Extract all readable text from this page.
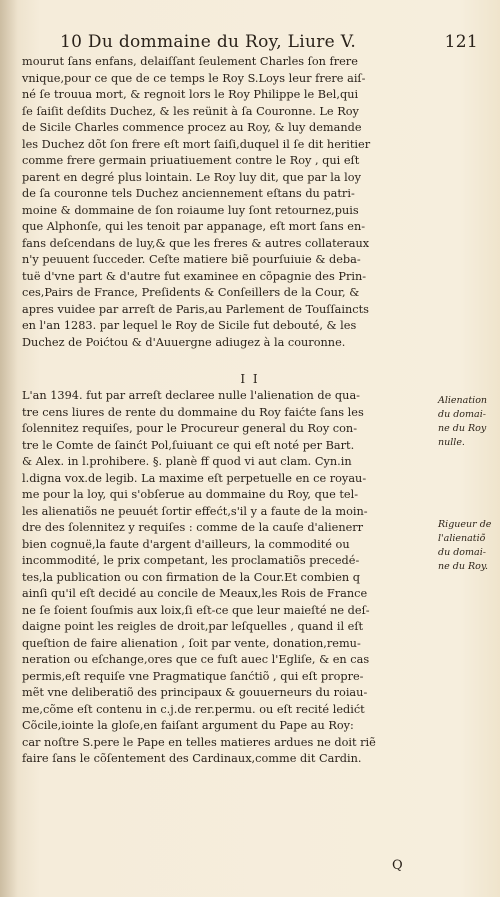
10 Du dommaine du Roy, Liure V.	121
mourut ſans enfans, delaiſſant ſeulement Charles ſon frere
vnique,pour ce que de ce temps le Roy S.Loys leur frere aiſ-
né ſe trouua mort, & regnoit lors le Roy Philippe le Bel,qui
ſe ſaiſit deſdits Duchez, & les reünit à ſa Couronne. Le Roy
de Sicile Charles commence procez au Roy, & luy demande
les Duchez dõt ſon frere eſt mort ſaiſi,duquel il ſe dit heritier
comme frere germain priuatiuement contre le Roy , qui eſt
parent en degré plus lointain. Le Roy luy dit, que par la loy
de ſa couronne tels Duchez anciennement eſtans du patri-
moine & dommaine de ſon roiaume luy ſont retournez,puis
que Alphonſe, qui les tenoit par appanage, eſt mort ſans en-
fans deſcendans de luy,& que les freres & autres collateraux
n'y peuuent ſucceder. Ceſte matiere biẽ pourſuiuie & deba-
tuë d'vne part & d'autre fut examinee en cõpagnie des Prin-
ces,Pairs de France, Preſidents & Conſeillers de la Cour, &
apres vuidee par arreſt de Paris,au Parlement de Touſſaincts
en l'an 1283. par lequel le Roy de Sicile fut debouté, & les
Duchez de Poićtou & d'Auuergne adiugez à la couronne.
I I
L'an 1394. fut par arreſt declaree nulle l'alienation de qua-
tre cens liures de rente du dommaine du Roy faićte ſans les
ſolennitez requiſes, pour le Procureur general du Roy con-
tre le Comte de ſainćt Pol,ſuiuant ce qui eſt noté per Bart.
& Alex. in l.prohibere. §. planè ff quod vi aut clam. Cyn.in
l.digna vox.de legib. La maxime eſt perpetuelle en ce royau-
me pour la loy, qui s'obſerue au dommaine du Roy, que tel-
les alienatiõs ne peuuét ſortir effećt,s'il y a faute de la moin-
dre des ſolennitez y requiſes : comme de la cauſe d'alienerr
bien cognuë,la faute d'argent d'ailleurs, la commodité ou
incommodité, le prix competant, les proclamatiõs precedé-
tes,la publication ou con firmation de la Cour.Et combien q
ainſi qu'il eſt decidé au concile de Meaux,les Rois de France
ne ſe ſoient ſouſmis aux loix,ſi eſt-ce que leur maieſté ne deſ-
daigne point les reigles de droit,par leſquelles , quand il eſt
queſtion de faire alienation , ſoit par vente, donation,remu-
neration ou eſchange,ores que ce fuſt auec l'Egliſe, & en cas
permis,eſt requiſe vne Pragmatique ſanćtiõ , qui eſt propre-
mẽt vne deliberatiõ des principaux & gouuerneurs du roiau-
me,cõme eſt contenu in c.j.de rer.permu. ou eſt recité ledićt
Cõcile,iointe la gloſe,en faiſant argument du Pape au Roy:
car noſtre S.pere le Pape en telles matieres ardues ne doit riẽ
faire ſans le cõſentement des Cardinaux,comme dit Cardin.
Alienation
du domai-
ne du Roy
nulle.
Rigueur de
l'alienatiõ
du domai-
ne du Roy.
Q
